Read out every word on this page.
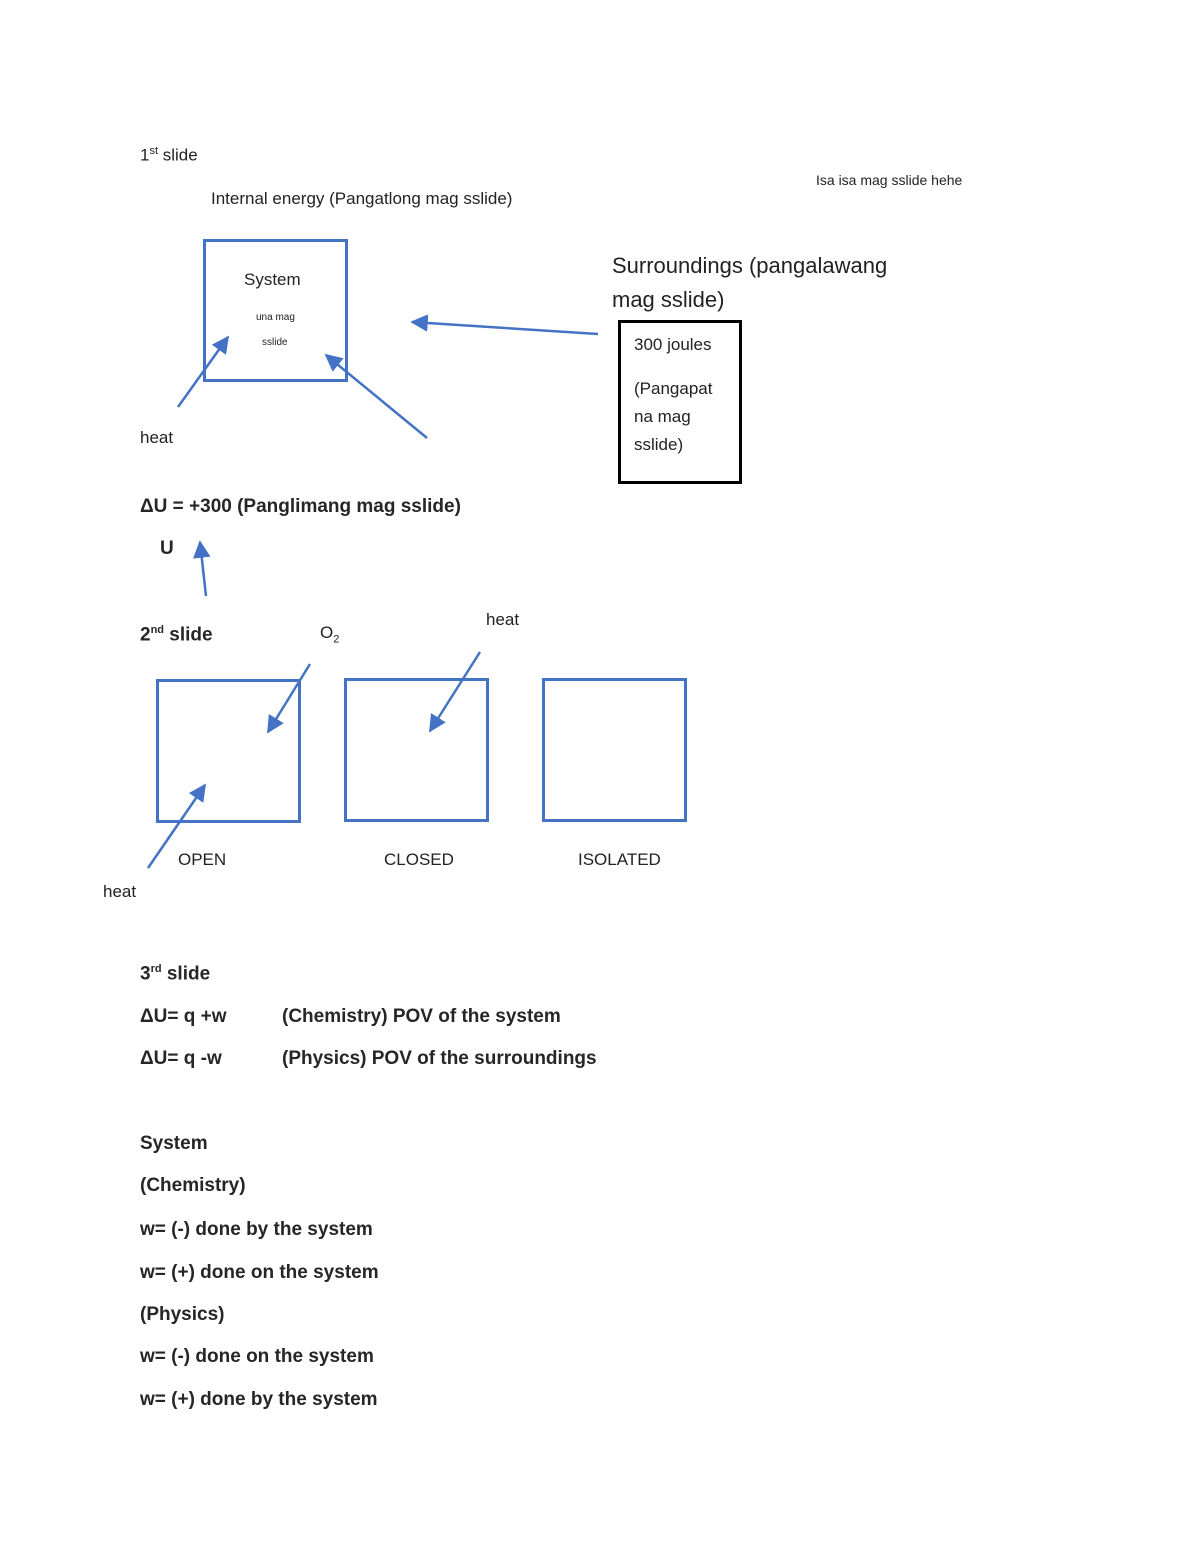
1st slide
Isa isa mag sslide hehe
Internal energy (Pangatlong mag sslide)
System
una mag
sslide
Surroundings (pangalawang
mag sslide)
300 joules
(Pangapat
na mag
sslide)
heat
ΔU = +300 (Panglimang mag sslide)
U
2nd slide	$O_2$
heat
OPEN	CLOSED	ISOLATED
heat
3rd slide
ΔU= q +w	(Chemistry) POV of the system
ΔU= q -w	(Physics) POV of the surroundings
System
(Chemistry)
w= (-) done by the system
w= (+) done on the system
(Physics)
w= (-) done on the system
w= (+) done by the system
